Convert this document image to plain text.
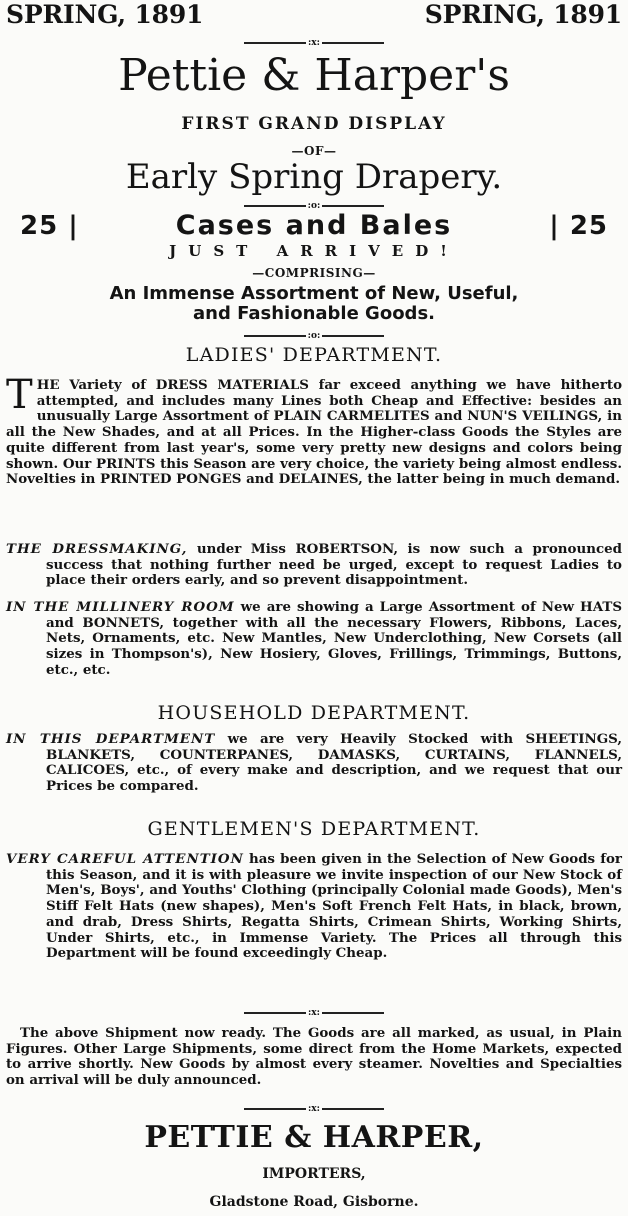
SPRING, 1891	SPRING, 1891
:x:
Pettie & Harper's
FIRST GRAND DISPLAY
—OF—
Early Spring Drapery.
:o:
25 |	Cases and Bales	| 25
JUST ARRIVED!
—COMPRISING—
An Immense Assortment of New, Useful, and Fashionable Goods.
:o:
LADIES' DEPARTMENT.
THE Variety of DRESS MATERIALS far exceed anything we have hitherto attempted, and includes many Lines both Cheap and Effective: besides an unusually Large Assortment of PLAIN CARMELITES and NUN'S VEILINGS, in all the New Shades, and at all Prices. In the Higher-class Goods the Styles are quite different from last year's, some very pretty new designs and colors being shown. Our PRINTS this Season are very choice, the variety being almost endless. Novelties in PRINTED PONGES and DELAINES, the latter being in much demand.
THE DRESSMAKING, under Miss ROBERTSON, is now such a pronounced success that nothing further need be urged, except to request Ladies to place their orders early, and so prevent disappointment.
IN THE MILLINERY ROOM we are showing a Large Assortment of New HATS and BONNETS, together with all the necessary Flowers, Ribbons, Laces, Nets, Ornaments, etc. New Mantles, New Underclothing, New Corsets (all sizes in Thompson's), New Hosiery, Gloves, Frillings, Trimmings, Buttons, etc., etc.
HOUSEHOLD DEPARTMENT.
IN THIS DEPARTMENT we are very Heavily Stocked with SHEETINGS, BLANKETS, COUNTERPANES, DAMASKS, CURTAINS, FLANNELS, CALICOES, etc., of every make and description, and we request that our Prices be compared.
GENTLEMEN'S DEPARTMENT.
VERY CAREFUL ATTENTION has been given in the Selection of New Goods for this Season, and it is with pleasure we invite inspection of our New Stock of Men's, Boys', and Youths' Clothing (principally Colonial made Goods), Men's Stiff Felt Hats (new shapes), Men's Soft French Felt Hats, in black, brown, and drab, Dress Shirts, Regatta Shirts, Crimean Shirts, Working Shirts, Under Shirts, etc., in Immense Variety. The Prices all through this Department will be found exceedingly Cheap.
:x:
The above Shipment now ready. The Goods are all marked, as usual, in Plain Figures. Other Large Shipments, some direct from the Home Markets, expected to arrive shortly. New Goods by almost every steamer. Novelties and Specialties on arrival will be duly announced.
:x:
PETTIE & HARPER,
IMPORTERS,
Gladstone Road, Gisborne.
